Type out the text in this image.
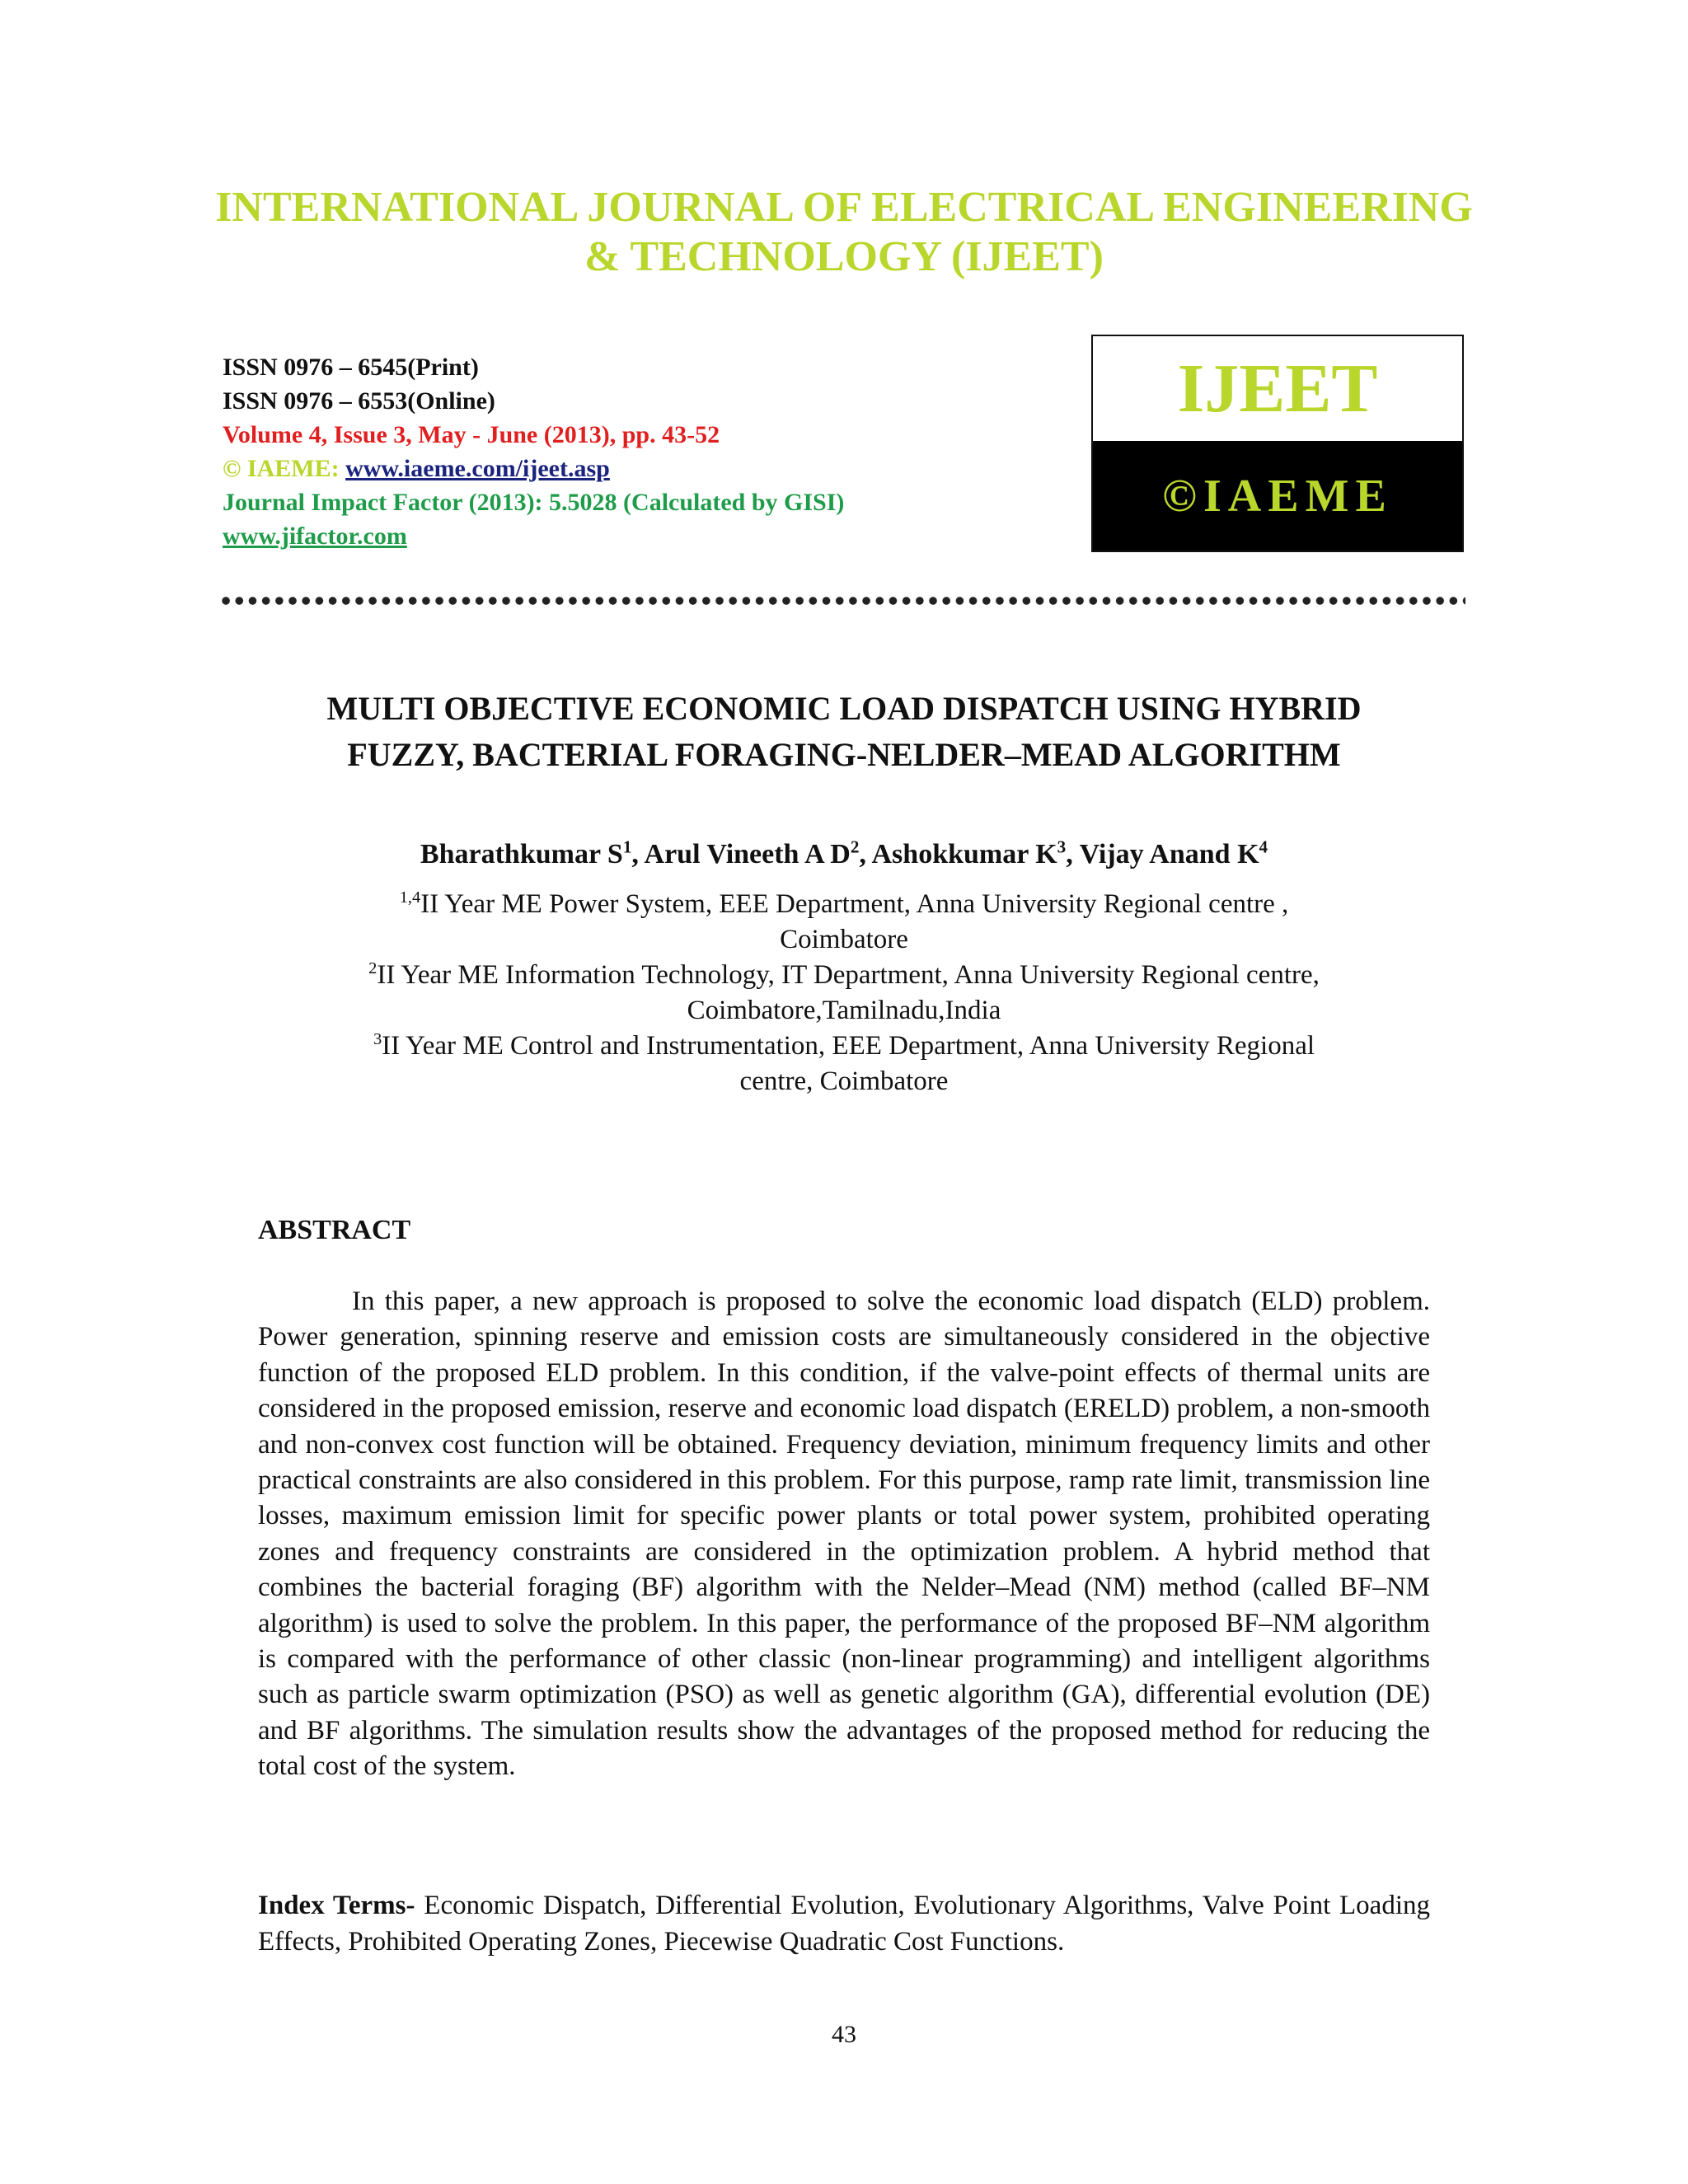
INTERNATIONAL JOURNAL OF ELECTRICAL ENGINEERING
& TECHNOLOGY (IJEET)
ISSN 0976 – 6545(Print)
ISSN 0976 – 6553(Online)
Volume 4, Issue 3, May - June (2013), pp. 43-52
© IAEME: www.iaeme.com/ijeet.asp
Journal Impact Factor (2013): 5.5028 (Calculated by GISI)
www.jifactor.com
IJEET
©IAEME
MULTI OBJECTIVE ECONOMIC LOAD DISPATCH USING HYBRID
FUZZY, BACTERIAL FORAGING-NELDER–MEAD ALGORITHM
Bharathkumar $S^1$, Arul Vineeth A $D^2$, Ashokkumar $K^3$, Vijay Anand $K^4$

$^{1,4}$II Year ME Power System, EEE Department, Anna University Regional centre ,
Coimbatore

$^2$II Year ME Information Technology, IT Department, Anna University Regional centre,
Coimbatore,Tamilnadu,India

$^3$II Year ME Control and Instrumentation, EEE Department, Anna University Regional
centre, Coimbatore

ABSTRACT

In this paper, a new approach is proposed to solve the economic load dispatch (ELD) problem. Power generation, spinning reserve and emission costs are simultaneously considered in the objective function of the proposed ELD problem. In this condition, if the valve-point effects of thermal units are considered in the proposed emission, reserve and economic load dispatch (ERELD) problem, a non-smooth and non-convex cost function will be obtained. Frequency deviation, minimum frequency limits and other practical constraints are also considered in this problem. For this purpose, ramp rate limit, transmission line losses, maximum emission limit for specific power plants or total power system, prohibited operating zones and frequency constraints are considered in the optimization problem. A hybrid method that combines the bacterial foraging (BF) algorithm with the Nelder–Mead (NM) method (called BF–NM algorithm) is used to solve the problem. In this paper, the performance of the proposed BF–NM algorithm is compared with the performance of other classic (non-linear programming) and intelligent algorithms such as particle swarm optimization (PSO) as well as genetic algorithm (GA), differential evolution (DE) and BF algorithms. The simulation results show the advantages of the proposed method for reducing the total cost of the system.

Index Terms- Economic Dispatch, Differential Evolution, Evolutionary Algorithms, Valve Point Loading Effects, Prohibited Operating Zones, Piecewise Quadratic Cost Functions.
43
